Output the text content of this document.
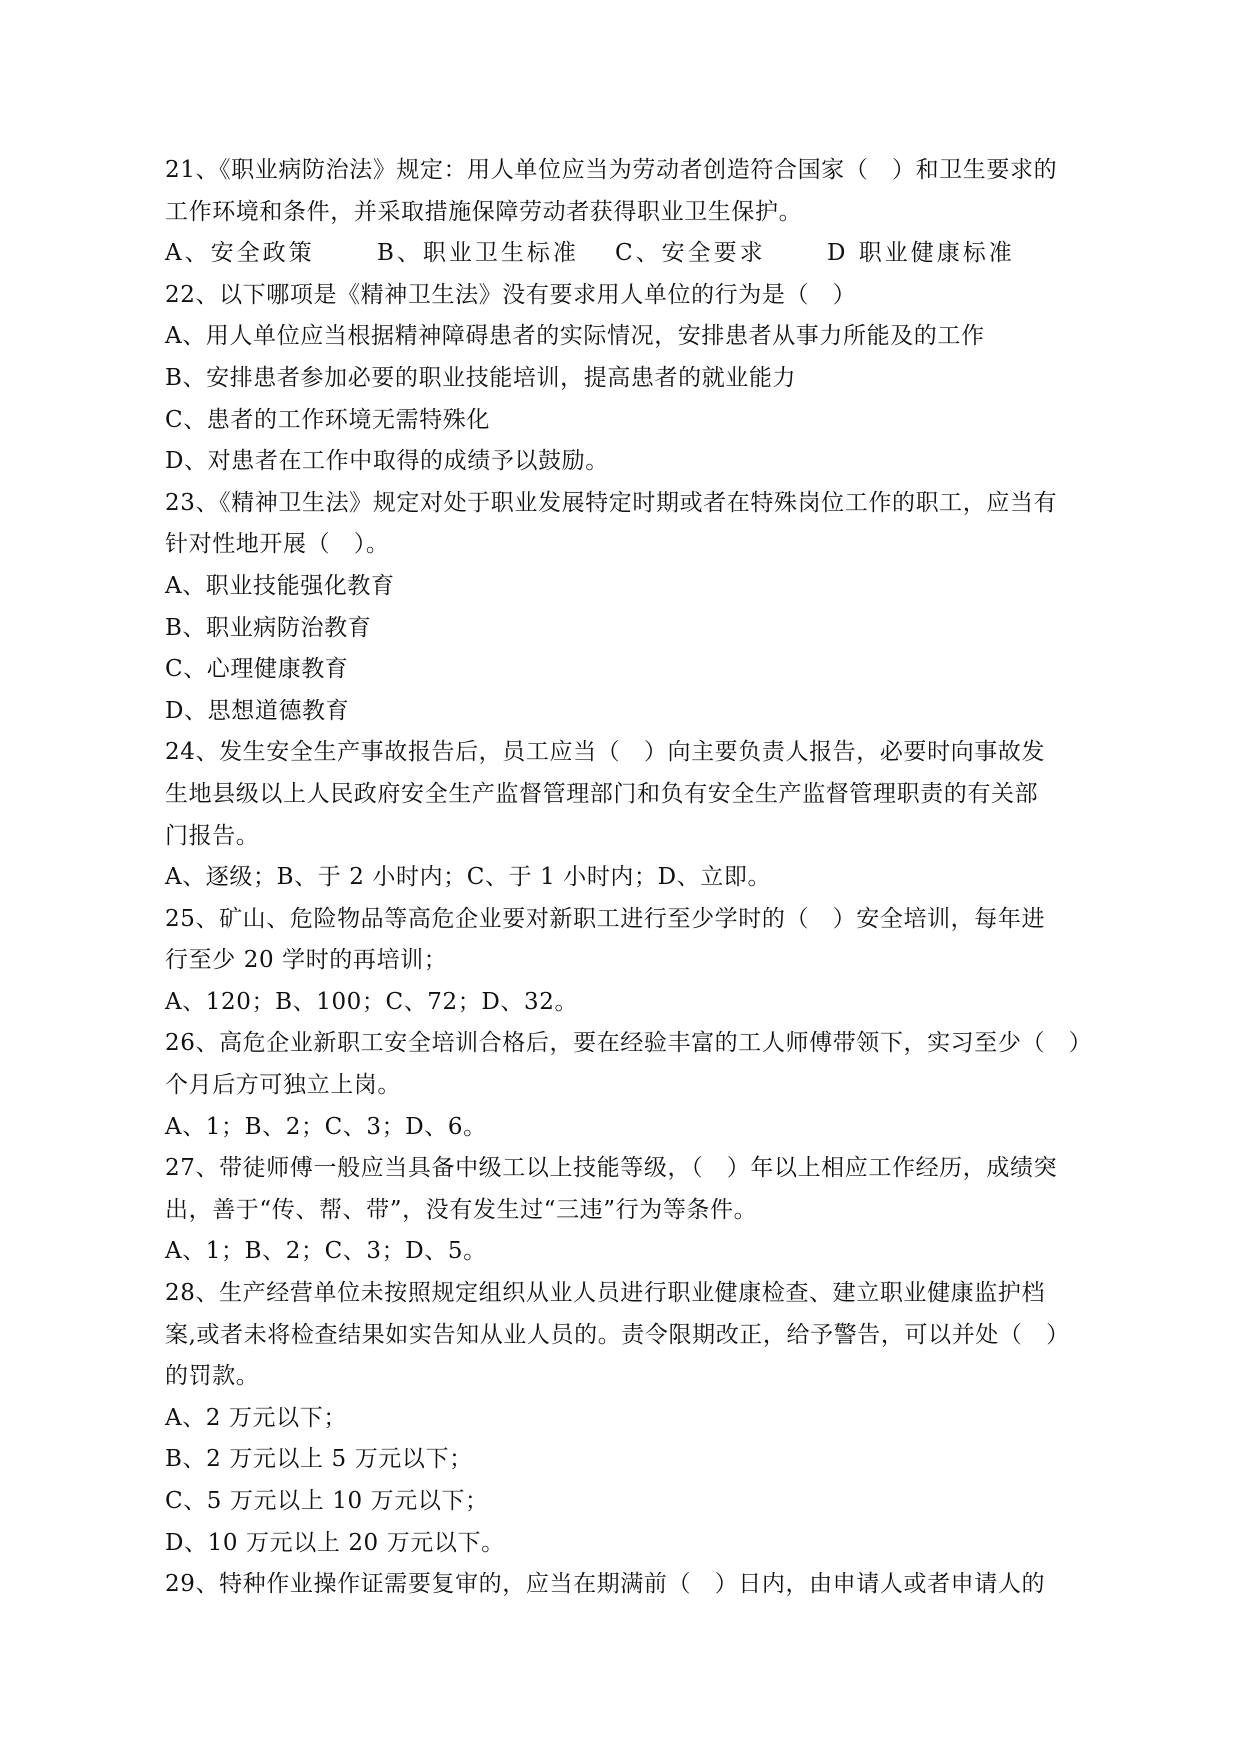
21、《职业病防治法》规定：用人单位应当为劳动者创造符合国家（　）和卫生要求的
工作环境和条件，并采取措施保障劳动者获得职业卫生保护。
A、安全政策	B、职业卫生标准	C、安全要求	D 职业健康标准
22、以下哪项是《精神卫生法》没有要求用人单位的行为是（　）
A、用人单位应当根据精神障碍患者的实际情况，安排患者从事力所能及的工作
B、安排患者参加必要的职业技能培训，提高患者的就业能力
C、患者的工作环境无需特殊化
D、对患者在工作中取得的成绩予以鼓励。
23、《精神卫生法》规定对处于职业发展特定时期或者在特殊岗位工作的职工，应当有
针对性地开展（　）。
A、职业技能强化教育
B、职业病防治教育
C、心理健康教育
D、思想道德教育
24、发生安全生产事故报告后，员工应当（　）向主要负责人报告，必要时向事故发
生地县级以上人民政府安全生产监督管理部门和负有安全生产监督管理职责的有关部
门报告。
A、逐级；B、于 2 小时内；C、于 1 小时内；D、立即。
25、矿山、危险物品等高危企业要对新职工进行至少学时的（　）安全培训，每年进
行至少 20 学时的再培训；
A、120；B、100；C、72；D、32。
26、高危企业新职工安全培训合格后，要在经验丰富的工人师傅带领下，实习至少（　）
个月后方可独立上岗。
A、1；B、2；C、3；D、6。
27、带徒师傅一般应当具备中级工以上技能等级，（　）年以上相应工作经历，成绩突
出，善于“传、帮、带”，没有发生过“三违”行为等条件。
A、1；B、2；C、3；D、5。
28、生产经营单位未按照规定组织从业人员进行职业健康检查、建立职业健康监护档
案,或者未将检查结果如实告知从业人员的。责令限期改正，给予警告，可以并处（　）
的罚款。
A、2 万元以下；
B、2 万元以上 5 万元以下；
C、5 万元以上 10 万元以下；
D、10 万元以上 20 万元以下。
29、特种作业操作证需要复审的，应当在期满前（　）日内，由申请人或者申请人的
